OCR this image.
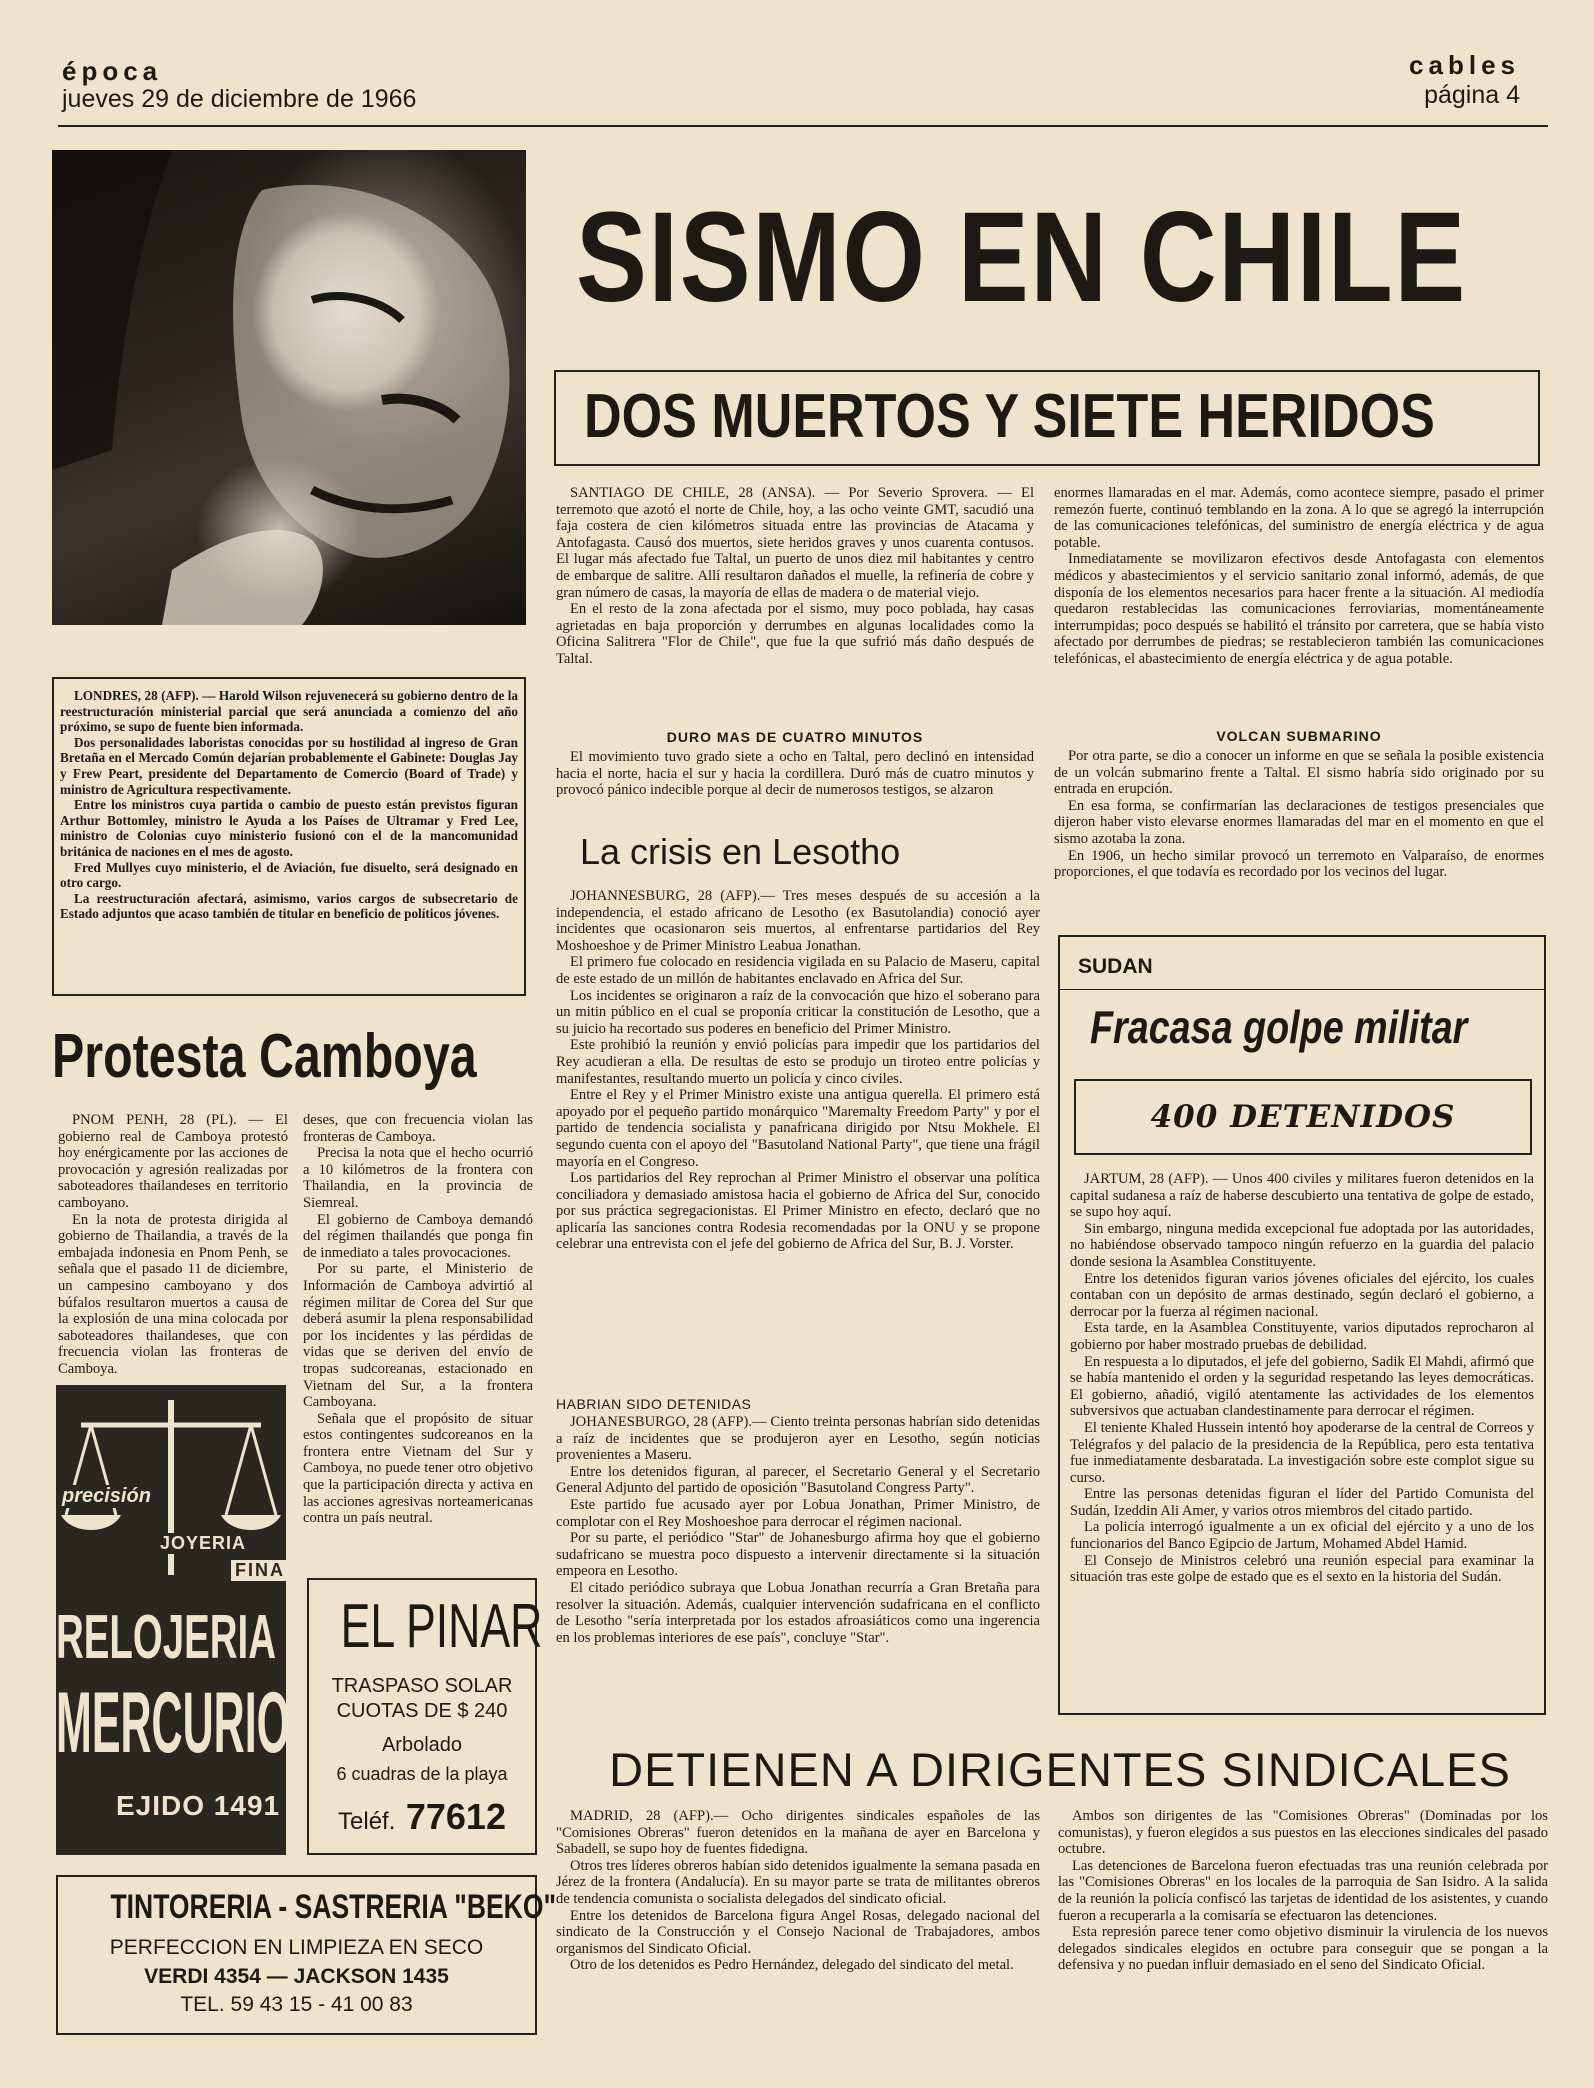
época
jueves 29 de diciembre de 1966
cables
página 4

LONDRES, 28 (AFP). — Harold Wilson rejuvenecerá su gobierno dentro de la reestructuración ministerial parcial que será anunciada a comienzo del año próximo, se supo de fuente bien informada.

Dos personalidades laboristas conocidas por su hostilidad al ingreso de Gran Bretaña en el Mercado Común dejarían probablemente el Gabinete: Douglas Jay y Frew Peart, presidente del Departamento de Comercio (Board of Trade) y ministro de Agricultura respectivamente.

Entre los ministros cuya partida o cambio de puesto están previstos figuran Arthur Bottomley, ministro le Ayuda a los Países de Ultramar y Fred Lee, ministro de Colonias cuyo ministerio fusionó con el de la mancomunidad británica de naciones en el mes de agosto.

Fred Mullyes cuyo ministerio, el de Aviación, fue disuelto, será designado en otro cargo.

La reestructuración afectará, asimismo, varios cargos de subsecretario de Estado adjuntos que acaso también de titular en beneficio de políticos jóvenes.

Protesta Camboya

PNOM PENH, 28 (PL). — El gobierno real de Camboya protestó hoy enérgicamente por las acciones de provocación y agresión realizadas por saboteadores thailandeses en territorio camboyano.

En la nota de protesta dirigida al gobierno de Thailandia, a través de la embajada indonesia en Pnom Penh, se señala que el pasado 11 de diciembre, un campesino camboyano y dos búfalos resultaron muertos a causa de la explosión de una mina colocada por saboteadores thailandeses, que con frecuencia violan las fronteras de Camboya.

deses, que con frecuencia violan las fronteras de Camboya.

Precisa la nota que el hecho ocurrió a 10 kilómetros de la frontera con Thailandia, en la provincia de Siemreal.

El gobierno de Camboya demandó del régimen thailandés que ponga fin de inmediato a tales provocaciones.

Por su parte, el Ministerio de Información de Camboya advirtió al régimen militar de Corea del Sur que deberá asumir la plena responsabilidad por los incidentes y las pérdidas de vidas que se deriven del envío de tropas sudcoreanas, estacionado en Vietnam del Sur, a la frontera Camboyana.

Señala que el propósito de situar estos contingentes sudcoreanos en la frontera entre Vietnam del Sur y Camboya, no puede tener otro objetivo que la participación directa y activa en las acciones agresivas norteamericanas contra un país neutral.

precisión
JOYERIA
FINA
RELOJERIA
MERCURIO
EJIDO 1491
EL PINAR
TRASPASO SOLAR
CUOTAS DE $ 240
Arbolado
6 cuadras de la playa
Teléf. 77612
TINTORERIA - SASTRERIA "BEKO"
PERFECCION EN LIMPIEZA EN SECO
VERDI 4354 — JACKSON 1435
TEL. 59 43 15 - 41 00 83
SISMO EN CHILE
DOS MUERTOS Y SIETE HERIDOS

SANTIAGO DE CHILE, 28 (ANSA). — Por Severio Sprovera. — El terremoto que azotó el norte de Chile, hoy, a las ocho veinte GMT, sacudió una faja costera de cien kilómetros situada entre las provincias de Atacama y Antofagasta. Causó dos muertos, siete heridos graves y unos cuarenta contusos. El lugar más afectado fue Taltal, un puerto de unos diez mil habitantes y centro de embarque de salitre. Allí resultaron dañados el muelle, la refinería de cobre y gran número de casas, la mayoría de ellas de madera o de material viejo.

En el resto de la zona afectada por el sismo, muy poco poblada, hay casas agrietadas en baja proporción y derrumbes en algunas localidades como la Oficina Salitrera "Flor de Chile", que fue la que sufrió más daño después de Taltal.

DURO MAS DE CUATRO MINUTOS

El movimiento tuvo grado siete a ocho en Taltal, pero declinó en intensidad hacia el norte, hacia el sur y hacia la cordillera. Duró más de cuatro minutos y provocó pánico indecible porque al decir de numerosos testigos, se alzaron

enormes llamaradas en el mar. Además, como acontece siempre, pasado el primer remezón fuerte, continuó temblando en la zona. A lo que se agregó la interrupción de las comunicaciones telefónicas, del suministro de energía eléctrica y de agua potable.

Inmediatamente se movilizaron efectivos desde Antofagasta con elementos médicos y abastecimientos y el servicio sanitario zonal informó, además, de que disponía de los elementos necesarios para hacer frente a la situación. Al mediodía quedaron restablecidas las comunicaciones ferroviarias, momentáneamente interrumpidas; poco después se habilitó el tránsito por carretera, que se había visto afectado por derrumbes de piedras; se restablecieron también las comunicaciones telefónicas, el abastecimiento de energía eléctrica y de agua potable.

VOLCAN SUBMARINO

Por otra parte, se dio a conocer un informe en que se señala la posible existencia de un volcán submarino frente a Taltal. El sismo habría sido originado por su entrada en erupción.

En esa forma, se confirmarían las declaraciones de testigos presenciales que dijeron haber visto elevarse enormes llamaradas del mar en el momento en que el sismo azotaba la zona.

En 1906, un hecho similar provocó un terremoto en Valparaíso, de enormes proporciones, el que todavía es recordado por los vecinos del lugar.

La crisis en Lesotho

JOHANNESBURG, 28 (AFP).— Tres meses después de su accesión a la independencia, el estado africano de Lesotho (ex Basutolandia) conoció ayer incidentes que ocasionaron seis muertos, al enfrentarse partidarios del Rey Moshoeshoe y de Primer Ministro Leabua Jonathan.

El primero fue colocado en residencia vigilada en su Palacio de Maseru, capital de este estado de un millón de habitantes enclavado en Africa del Sur.

Los incidentes se originaron a raíz de la convocación que hizo el soberano para un mitin público en el cual se proponía criticar la constitución de Lesotho, que a su juicio ha recortado sus poderes en beneficio del Primer Ministro.

Este prohibió la reunión y envió policías para impedir que los partidarios del Rey acudieran a ella. De resultas de esto se produjo un tiroteo entre policías y manifestantes, resultando muerto un policía y cinco civiles.

Entre el Rey y el Primer Ministro existe una antigua querella. El primero está apoyado por el pequeño partido monárquico "Maremalty Freedom Party" y por el partido de tendencia socialista y panafricana dirigido por Ntsu Mokhele. El segundo cuenta con el apoyo del "Basutoland National Party", que tiene una frágil mayoría en el Congreso.

Los partidarios del Rey reprochan al Primer Ministro el observar una política conciliadora y demasiado amistosa hacia el gobierno de Africa del Sur, conocido por sus práctica segregacionistas. El Primer Ministro en efecto, declaró que no aplicaría las sanciones contra Rodesia recomendadas por la ONU y se propone celebrar una entrevista con el jefe del gobierno de Africa del Sur, B. J. Vorster.

HABRIAN SIDO DETENIDAS

JOHANESBURGO, 28 (AFP).— Ciento treinta personas habrían sido detenidas a raíz de incidentes que se produjeron ayer en Lesotho, según noticias provenientes a Maseru.

Entre los detenidos figuran, al parecer, el Secretario General y el Secretario General Adjunto del partido de oposición "Basutoland Congress Party".

Este partido fue acusado ayer por Lobua Jonathan, Primer Ministro, de complotar con el Rey Moshoeshoe para derrocar el régimen nacional.

Por su parte, el periódico "Star" de Johanesburgo afirma hoy que el gobierno sudafricano se muestra poco dispuesto a intervenir directamente si la situación empeora en Lesotho.

El citado periódico subraya que Lobua Jonathan recurría a Gran Bretaña para resolver la situación. Además, cualquier intervención sudafricana en el conflicto de Lesotho "sería interpretada por los estados afroasiáticos como una ingerencia en los problemas interiores de ese país", concluye "Star".

SUDAN
Fracasa golpe militar
400 DETENIDOS

JARTUM, 28 (AFP). — Unos 400 civiles y militares fueron detenidos en la capital sudanesa a raíz de haberse descubierto una tentativa de golpe de estado, se supo hoy aquí.

Sin embargo, ninguna medida excepcional fue adoptada por las autoridades, no habiéndose observado tampoco ningún refuerzo en la guardia del palacio donde sesiona la Asamblea Constituyente.

Entre los detenidos figuran varios jóvenes oficiales del ejército, los cuales contaban con un depósito de armas destinado, según declaró el gobierno, a derrocar por la fuerza al régimen nacional.

Esta tarde, en la Asamblea Constituyente, varios diputados reprocharon al gobierno por haber mostrado pruebas de debilidad.

En respuesta a lo diputados, el jefe del gobierno, Sadik El Mahdi, afirmó que se había mantenido el orden y la seguridad respetando las leyes democráticas. El gobierno, añadió, vigiló atentamente las actividades de los elementos subversivos que actuaban clandestinamente para derrocar el régimen.

El teniente Khaled Hussein intentó hoy apoderarse de la central de Correos y Telégrafos y del palacio de la presidencia de la República, pero esta tentativa fue inmediatamente desbaratada. La investigación sobre este complot sigue su curso.

Entre las personas detenidas figuran el líder del Partido Comunista del Sudán, Izeddin Ali Amer, y varios otros miembros del citado partido.

La policía interrogó igualmente a un ex oficial del ejército y a uno de los funcionarios del Banco Egipcio de Jartum, Mohamed Abdel Hamid.

El Consejo de Ministros celebró una reunión especial para examinar la situación tras este golpe de estado que es el sexto en la historia del Sudán.

DETIENEN A DIRIGENTES SINDICALES

MADRID, 28 (AFP).— Ocho dirigentes sindicales españoles de las "Comisiones Obreras" fueron detenidos en la mañana de ayer en Barcelona y Sabadell, se supo hoy de fuentes fidedigna.

Otros tres líderes obreros habían sido detenidos igualmente la semana pasada en Jérez de la frontera (Andalucía). En su mayor parte se trata de militantes obreros de tendencia comunista o socialista delegados del sindicato oficial.

Entre los detenidos de Barcelona figura Angel Rosas, delegado nacional del sindicato de la Construcción y el Consejo Nacional de Trabajadores, ambos organismos del Sindicato Oficial.

Otro de los detenidos es Pedro Hernández, delegado del sindicato del metal.

Ambos son dirigentes de las "Comisiones Obreras" (Dominadas por los comunistas), y fueron elegidos a sus puestos en las elecciones sindicales del pasado octubre.

Las detenciones de Barcelona fueron efectuadas tras una reunión celebrada por las "Comisiones Obreras" en los locales de la parroquia de San Isidro. A la salida de la reunión la policía confiscó las tarjetas de identidad de los asistentes, y cuando fueron a recuperarla a la comisaría se efectuaron las detenciones.

Esta represión parece tener como objetivo disminuir la virulencia de los nuevos delegados sindicales elegidos en octubre para conseguir que se pongan a la defensiva y no puedan influir demasiado en el seno del Sindicato Oficial.
